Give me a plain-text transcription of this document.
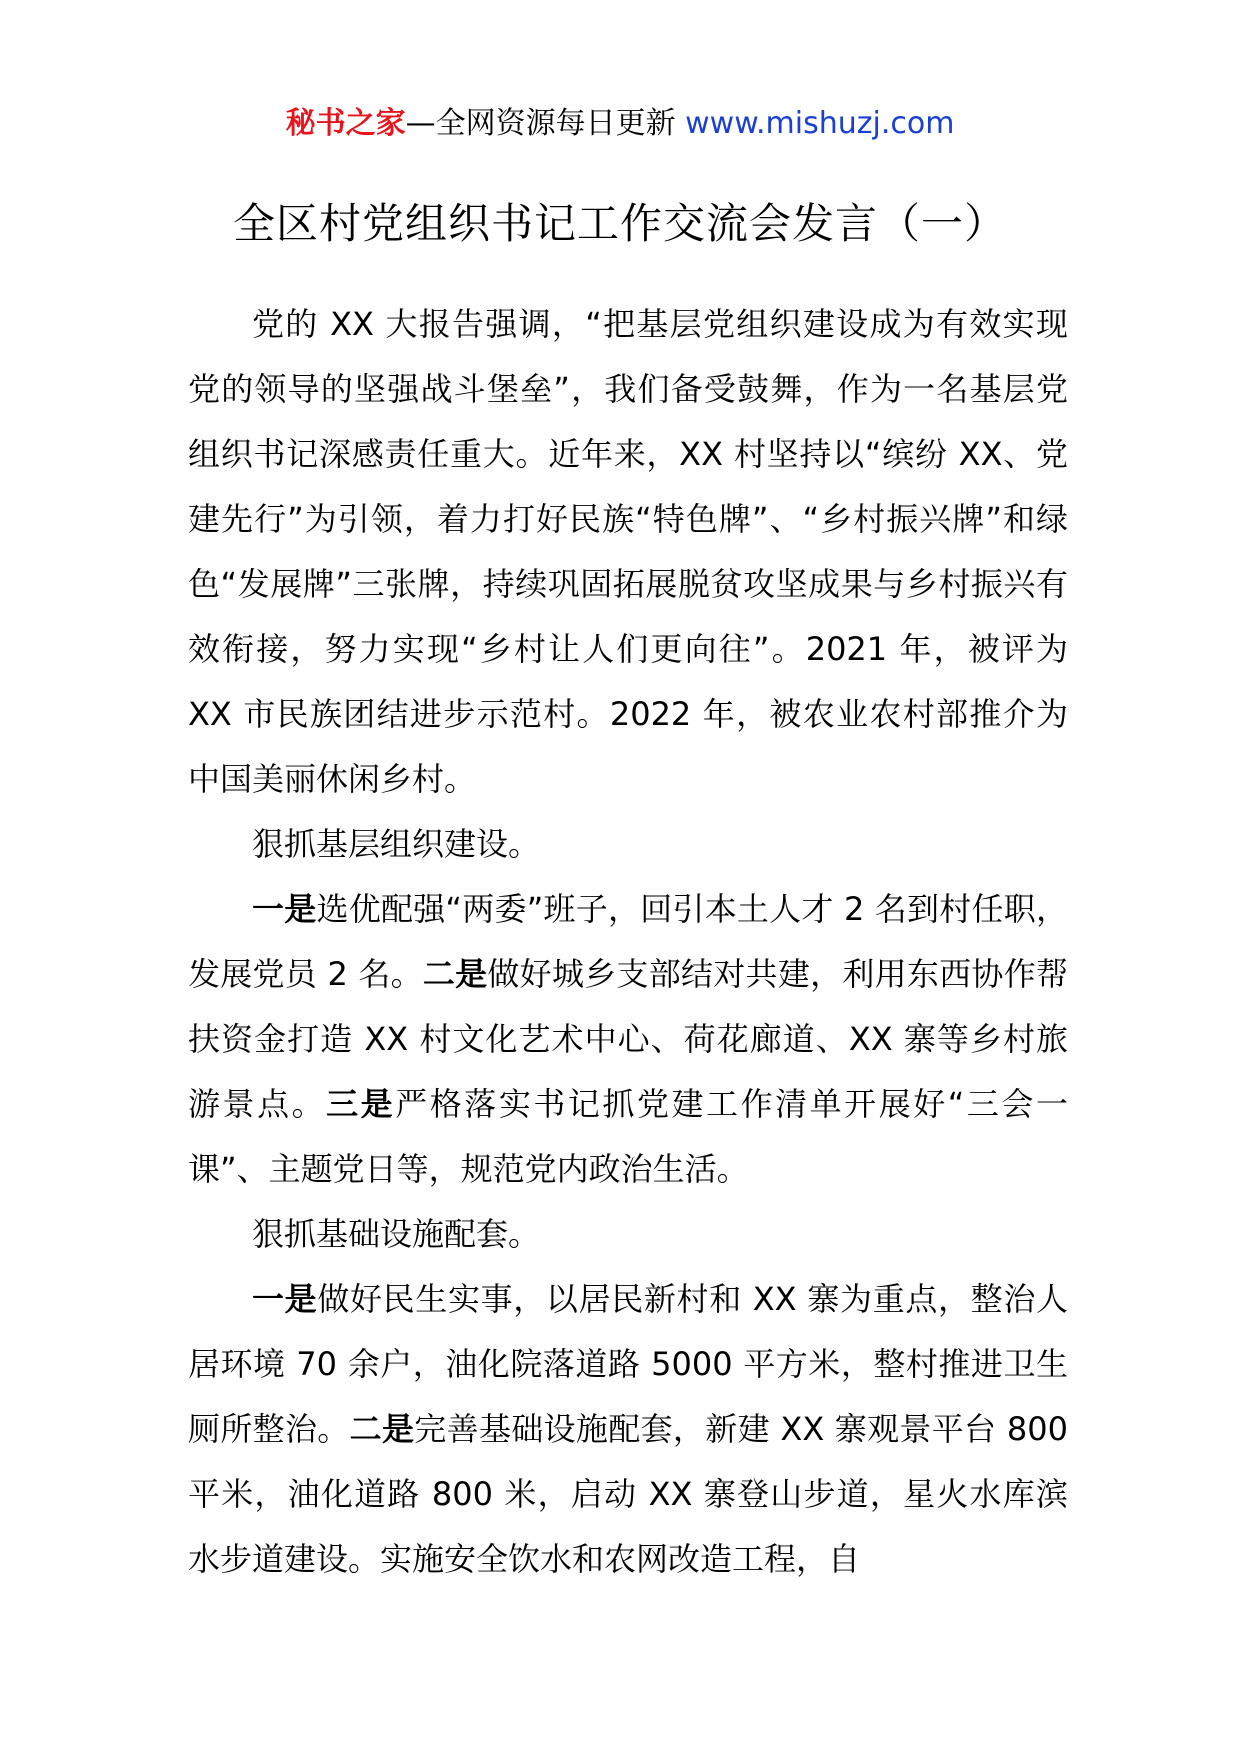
秘书之家—全网资源每日更新 www.mishuzj.com
全区村党组织书记工作交流会发言（一）

党的 XX 大报告强调，“把基层党组织建设成为有效实现党的领导的坚强战斗堡垒”，我们备受鼓舞，作为一名基层党组织书记深感责任重大。近年来，XX 村坚持以“缤纷 XX、党建先行”为引领，着力打好民族“特色牌”、“乡村振兴牌”和绿色“发展牌”三张牌，持续巩固拓展脱贫攻坚成果与乡村振兴有效衔接，努力实现“乡村让人们更向往”。2021 年，被评为 XX 市民族团结进步示范村。2022 年，被农业农村部推介为中国美丽休闲乡村。

狠抓基层组织建设。

一是选优配强“两委”班子，回引本土人才 2 名到村任职，发展党员 2 名。二是做好城乡支部结对共建，利用东西协作帮扶资金打造 XX 村文化艺术中心、荷花廊道、XX 寨等乡村旅游景点。三是严格落实书记抓党建工作清单开展好“三会一课”、主题党日等，规范党内政治生活。

狠抓基础设施配套。

一是做好民生实事，以居民新村和 XX 寨为重点，整治人居环境 70 余户，油化院落道路 5000 平方米，整村推进卫生厕所整治。二是完善基础设施配套，新建 XX 寨观景平台 800 平米，油化道路 800 米，启动 XX 寨登山步道，星火水库滨水步道建设。实施安全饮水和农网改造工程，自
